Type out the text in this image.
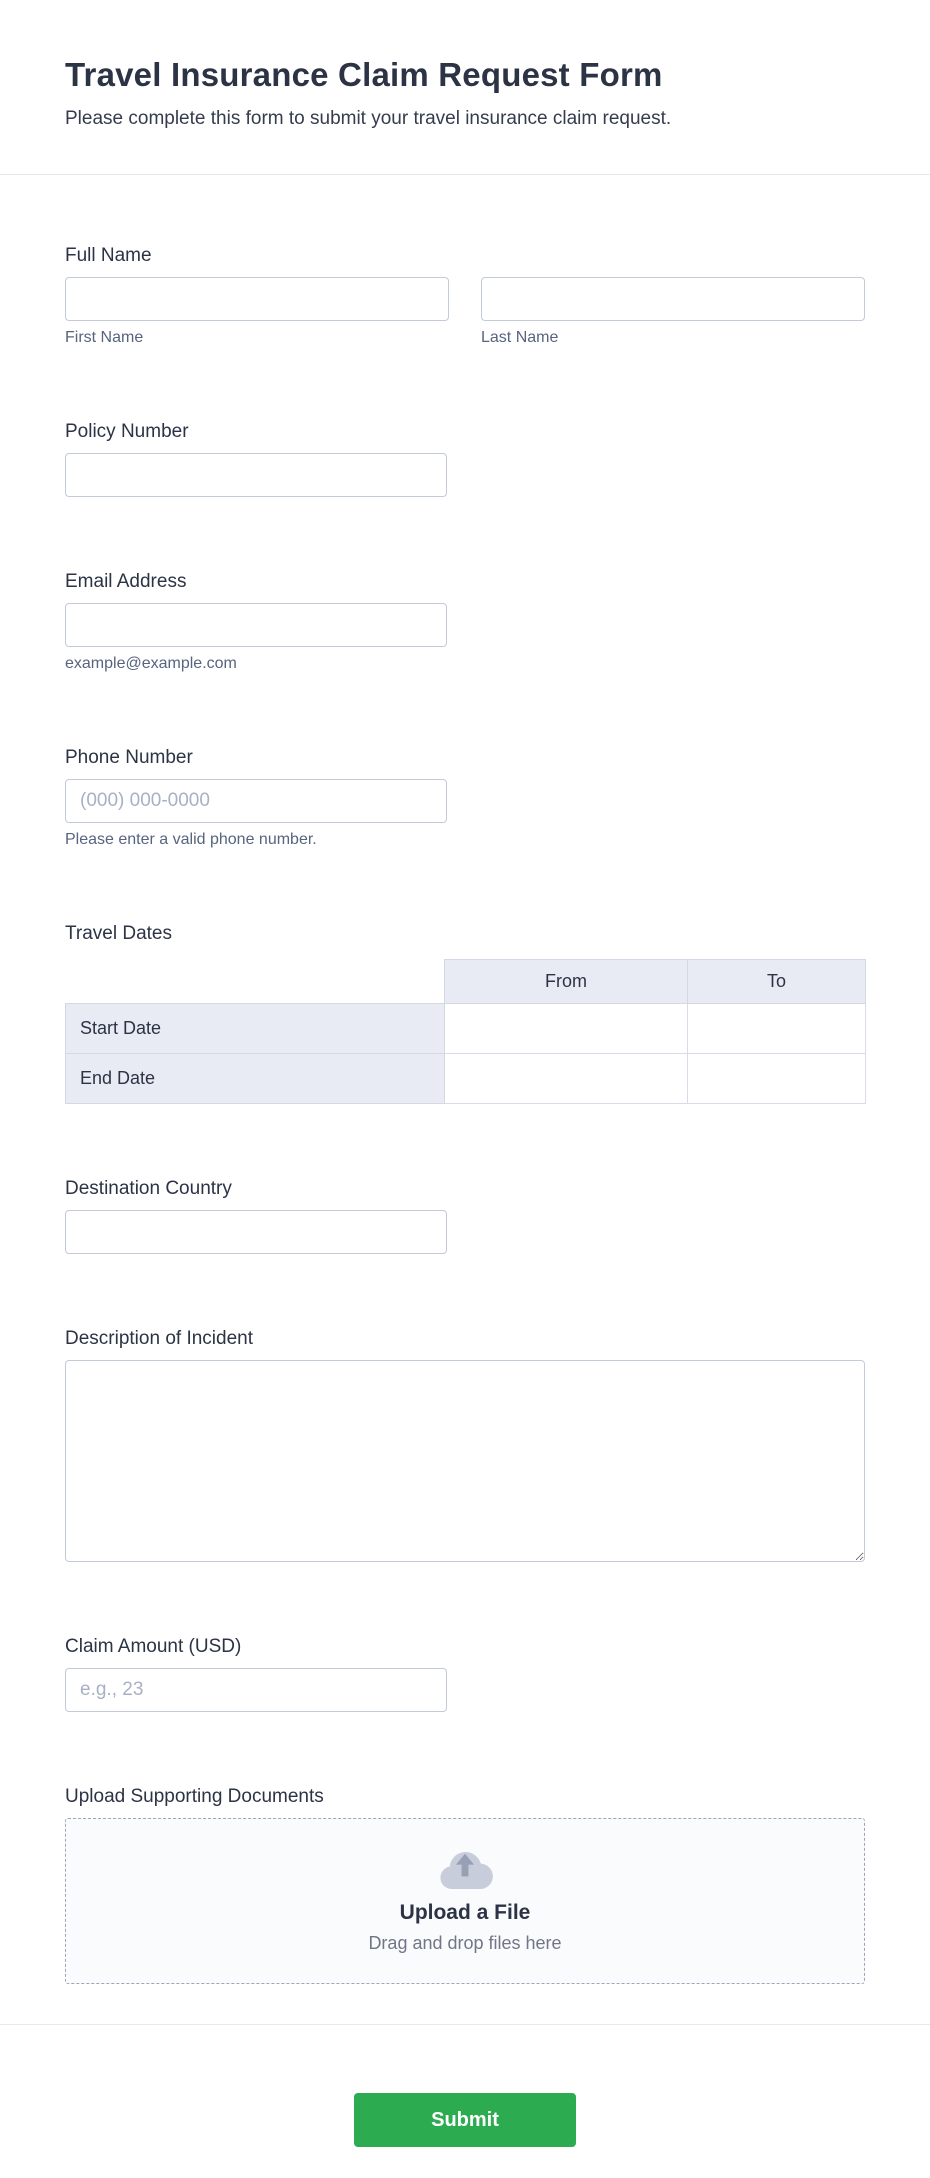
Travel Insurance Claim Request Form

Please complete this form to submit your travel insurance claim request.

Full Name
First Name	Last Name
Policy Number
Email Address
example@example.com
Phone Number
(000) 000-0000
Please enter a valid phone number.
Travel Dates
	From	To
Start Date		
End Date		
Destination Country
Description of Incident
Claim Amount (USD)
e.g., 23
Upload Supporting Documents
Upload a File
Drag and drop files here
Submit
